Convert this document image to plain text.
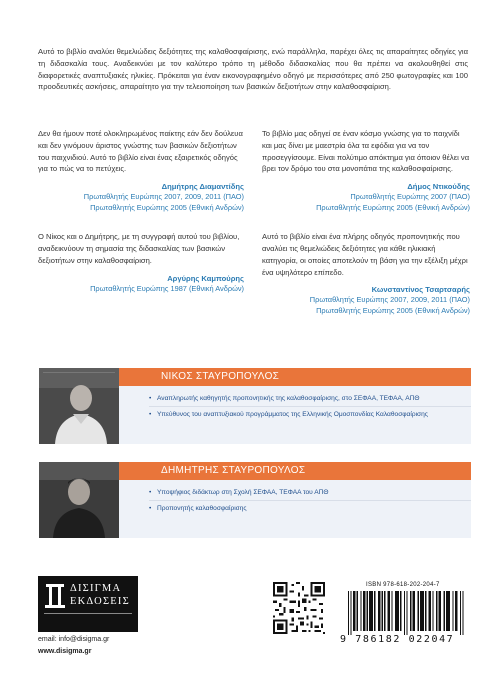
Αυτό το βιβλίο αναλύει θεμελιώδεις δεξιότητες της καλαθοσφαίρισης, ενώ παράλληλα, παρέχει όλες τις απαραίτητες οδηγίες για τη διδασκαλία τους. Αναδεικνύει με τον καλύτερο τρόπο τη μέθοδο διδασκαλίας που θα πρέπει να ακολουθηθεί στις διαφορετικές αναπτυξιακές ηλικίες. Πρόκειται για έναν εικονογραφημένο οδηγό με περισσότερες από 250 φωτογραφίες και 100 προοδευτικές ασκήσεις, απαραίτητο για την τελειοποίηση των βασικών δεξιοτήτων στην καλαθοσφαίριση.

Δεν θα ήμουν ποτέ ολοκληρωμένος παίκτης εάν δεν δούλευα και δεν γινόμουν άριστος γνώστης των βασικών δεξιοτήτων του παιχνιδιού. Αυτό το βιβλίο είναι ένας εξαιρετικός οδηγός για το πώς να το πετύχεις.

Δημήτρης Διαμαντίδης
Πρωταθλητής Ευρώπης 2007, 2009, 2011 (ΠΑΟ)
Πρωταθλητής Ευρώπης 2005 (Εθνική Ανδρών)

Ο Νίκος και ο Δημήτρης, με τη συγγραφή αυτού του βιβλίου, αναδεικνύουν τη σημασία της διδασκαλίας των βασικών δεξιοτήτων στην καλαθοσφαίριση.

Αργύρης Καμπούρης
Πρωταθλητής Ευρώπης 1987 (Εθνική Ανδρών)

Το βιβλίο μας οδηγεί σε έναν κόσμο γνώσης για το παιχνίδι και μας δίνει με μαεστρία όλα τα εφόδια για να τον προσεγγίσουμε. Είναι πολύτιμο απόκτημα για όποιον θέλει να βρει τον δρόμο του στα μονοπάτια της καλαθοσφαίρισης.

Δήμος Ντικούδης
Πρωταθλητής Ευρώπης 2007 (ΠΑΟ)
Πρωταθλητής Ευρώπης 2005 (Εθνική Ανδρών)

Αυτό το βιβλίο είναι ένα πλήρης οδηγός προπονητικής που αναλύει τις θεμελιώδεις δεξιότητες για κάθε ηλικιακή κατηγορία, οι οποίες αποτελούν τη βάση για την εξέλιξη μέχρι ένα υψηλότερο επίπεδο.

Κωνσταντίνος Τσαρτσαρής
Πρωταθλητής Ευρώπης 2007, 2009, 2011 (ΠΑΟ)
Πρωταθλητής Ευρώπης 2005 (Εθνική Ανδρών)
ΝΙΚΟΣ ΣΤΑΥΡΟΠΟΥΛΟΣ
• Αναπληρωτής καθηγητής προπονητικής της καλαθοσφαίρισης, στο ΣΕΦΑΑ, ΤΕΦΑΑ, ΑΠΘ
• Υπεύθυνος του αναπτυξιακού προγράμματος της Ελληνικής Ομοσπονδίας Καλαθοσφαίρισης
ΔΗΜΗΤΡΗΣ ΣΤΑΥΡΟΠΟΥΛΟΣ
• Υποψήφιος διδάκτωρ στη Σχολή ΣΕΦΑΑ, ΤΕΦΑΑ του ΑΠΘ
• Προπονητής καλαθοσφαίρισης
ΔΙΣΙΓΜΑ
ΕΚΔΟΣΕΙΣ
email: info@disigma.gr
www.disigma.gr
ISBN 978-618-202-204-7
9 786182 022047
